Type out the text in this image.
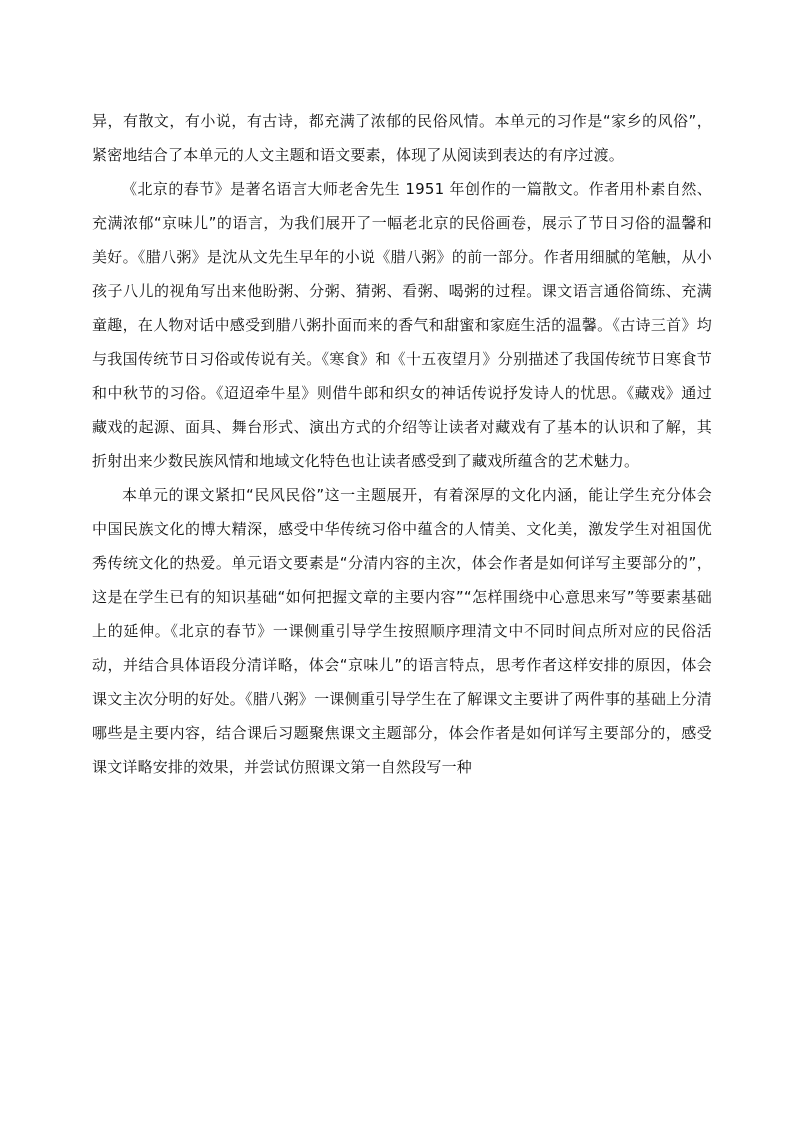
异，有散文，有小说，有古诗，都充满了浓郁的民俗风情。本单元的习作是“家乡的风俗”，紧密地结合了本单元的人文主题和语文要素，体现了从阅读到表达的有序过渡。

《北京的春节》是著名语言大师老舍先生 1951 年创作的一篇散文。作者用朴素自然、充满浓郁“京味儿”的语言，为我们展开了一幅老北京的民俗画卷，展示了节日习俗的温馨和美好。《腊八粥》是沈从文先生早年的小说《腊八粥》的前一部分。作者用细腻的笔触，从小孩子八儿的视角写出来他盼粥、分粥、猜粥、看粥、喝粥的过程。课文语言通俗简练、充满童趣，在人物对话中感受到腊八粥扑面而来的香气和甜蜜和家庭生活的温馨。《古诗三首》均与我国传统节日习俗或传说有关。《寒食》和《十五夜望月》分别描述了我国传统节日寒食节和中秋节的习俗。《迢迢牵牛星》则借牛郎和织女的神话传说抒发诗人的忧思。《藏戏》通过藏戏的起源、面具、舞台形式、演出方式的介绍等让读者对藏戏有了基本的认识和了解，其折射出来少数民族风情和地域文化特色也让读者感受到了藏戏所蕴含的艺术魅力。

本单元的课文紧扣“民风民俗”这一主题展开，有着深厚的文化内涵，能让学生充分体会中国民族文化的博大精深，感受中华传统习俗中蕴含的人情美、文化美，激发学生对祖国优秀传统文化的热爱。单元语文要素是“分清内容的主次，体会作者是如何详写主要部分的”，这是在学生已有的知识基础“如何把握文章的主要内容”“怎样围绕中心意思来写”等要素基础上的延伸。《北京的春节》一课侧重引导学生按照顺序理清文中不同时间点所对应的民俗活动，并结合具体语段分清详略，体会“京味儿”的语言特点，思考作者这样安排的原因，体会课文主次分明的好处。《腊八粥》一课侧重引导学生在了解课文主要讲了两件事的基础上分清哪些是主要内容，结合课后习题聚焦课文主题部分，体会作者是如何详写主要部分的，感受课文详略安排的效果，并尝试仿照课文第一自然段写一种
